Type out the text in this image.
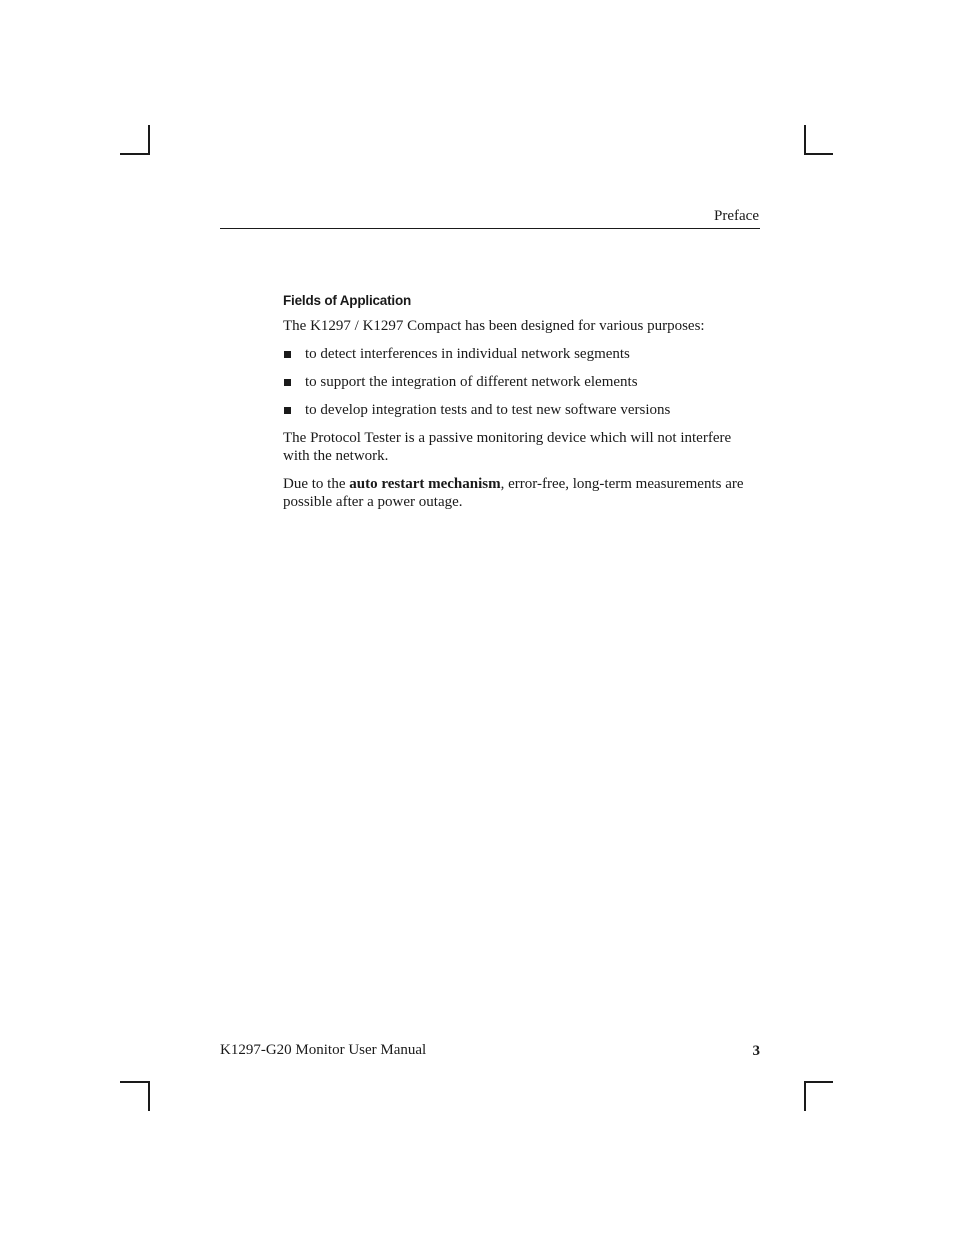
Preface
Fields of Application

The K1297 / K1297 Compact has been designed for various purposes:

to detect interferences in individual network segments
to support the integration of different network elements
to develop integration tests and to test new software versions

The Protocol Tester is a passive monitoring device which will not interfere with the network.

Due to the auto restart mechanism, error-free, long-term measurements are possible after a power outage.

K1297-G20 Monitor User Manual	3
